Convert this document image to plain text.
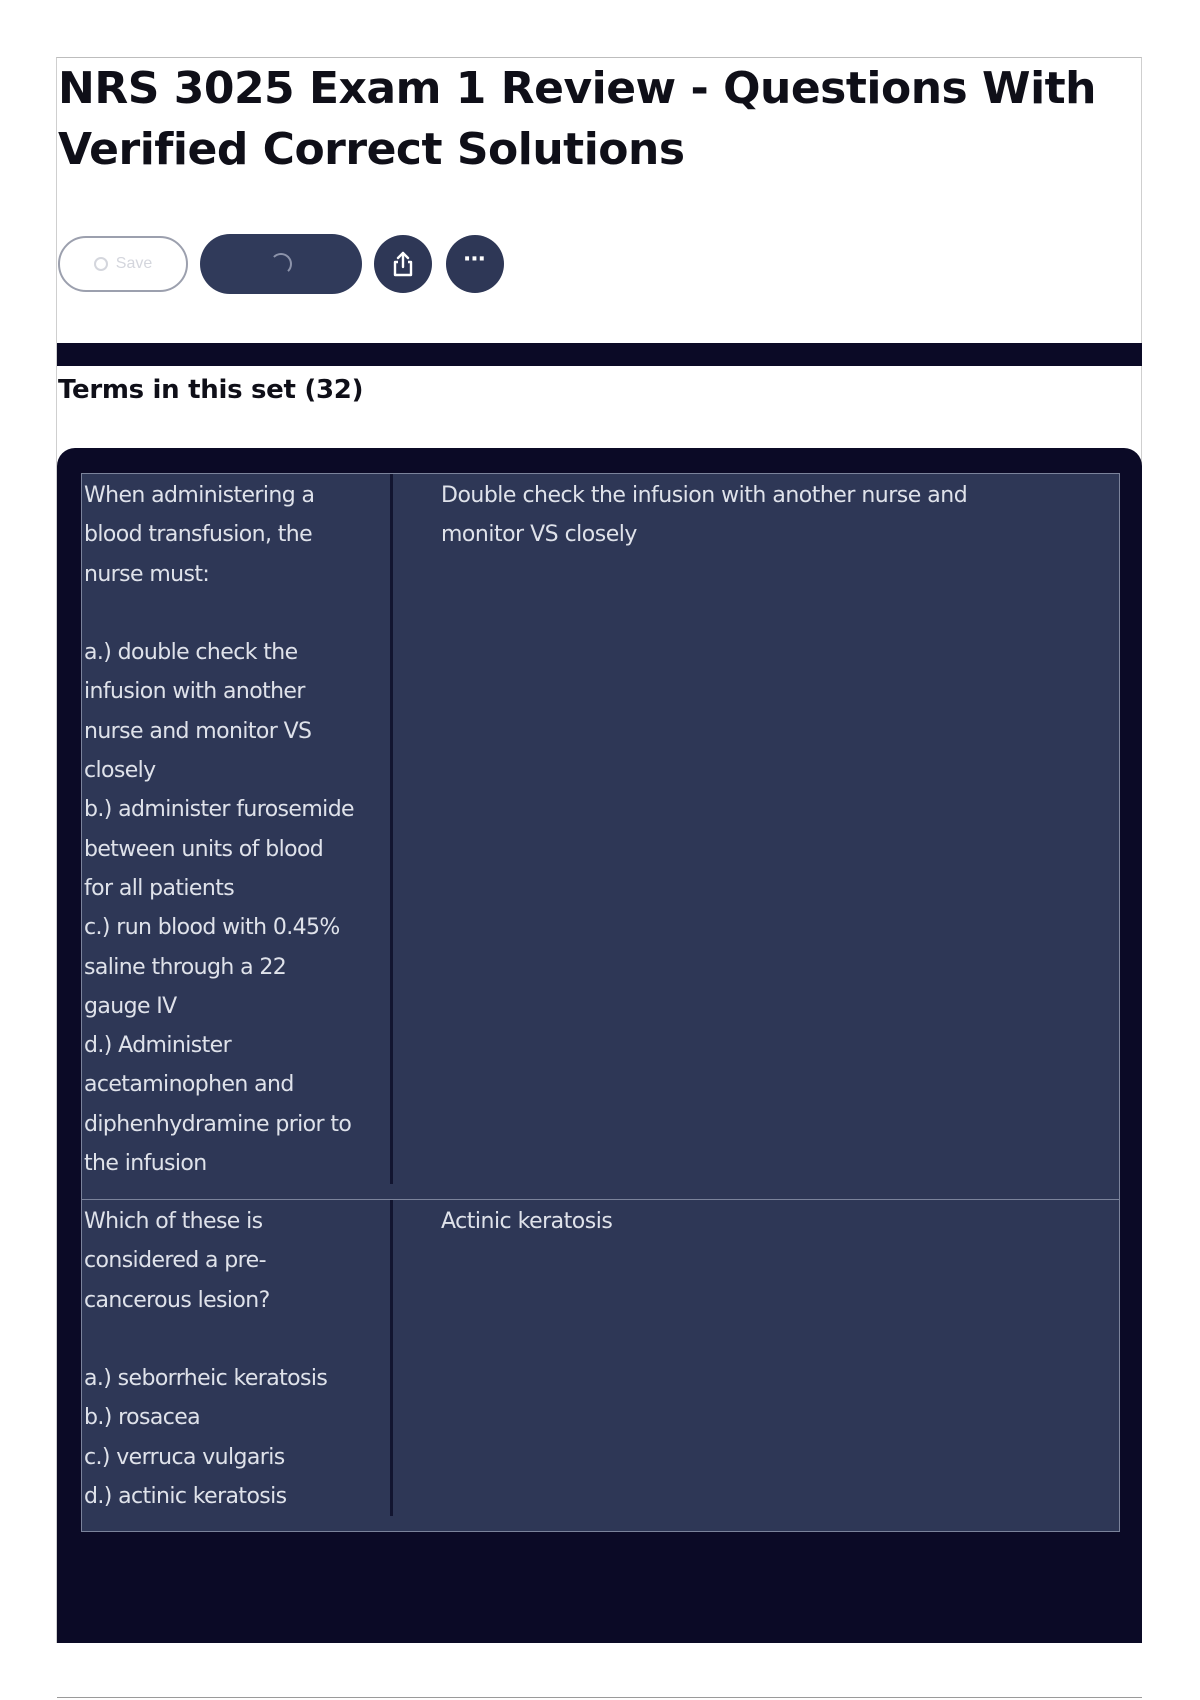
NRS 3025 Exam 1 Review - Questions With Verified Correct Solutions
Save	⋯
Terms in this set (32)
When administering a
blood transfusion, the
nurse must:

a.) double check the
infusion with another
nurse and monitor VS
closely
b.) administer furosemide
between units of blood
for all patients
c.) run blood with 0.45%
saline through a 22
gauge IV
d.) Administer
acetaminophen and
diphenhydramine prior to
the infusion
Double check the infusion with another nurse and
monitor VS closely
Which of these is
considered a pre-
cancerous lesion?

a.) seborrheic keratosis
b.) rosacea
c.) verruca vulgaris
d.) actinic keratosis
Actinic keratosis
